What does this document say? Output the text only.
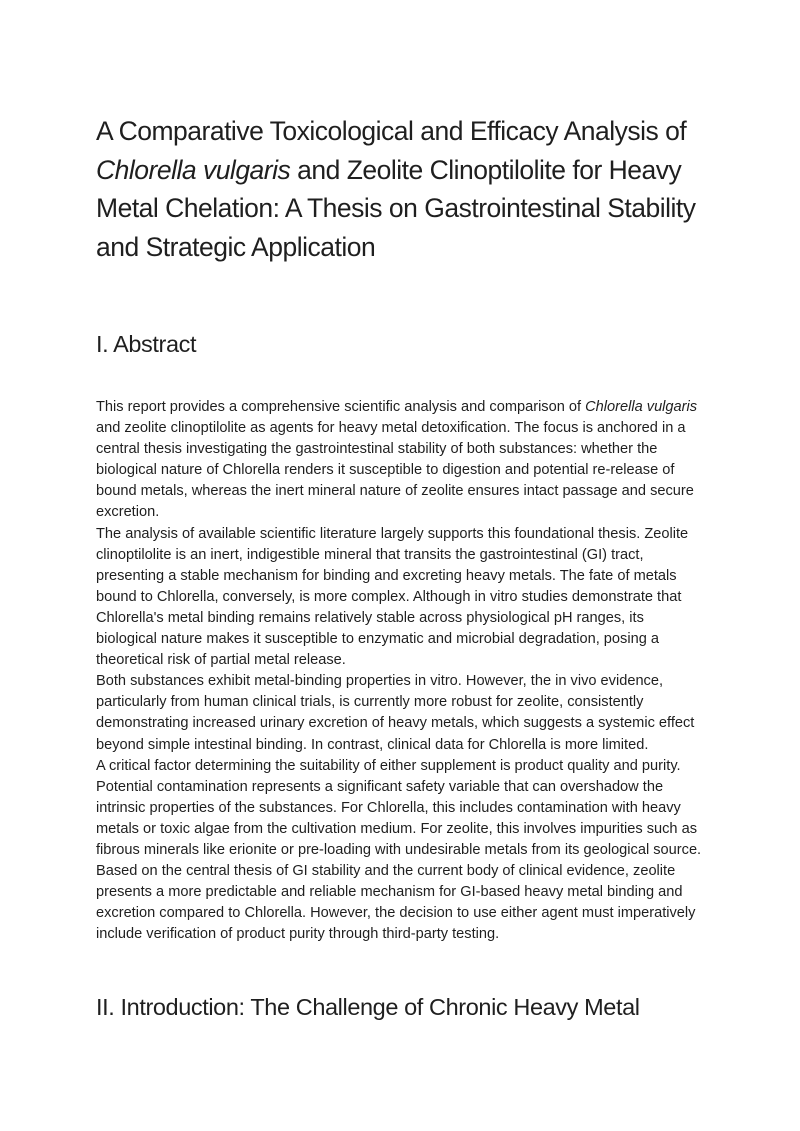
A Comparative Toxicological and Efficacy Analysis of Chlorella vulgaris and Zeolite Clinoptilolite for Heavy Metal Chelation: A Thesis on Gastrointestinal Stability and Strategic Application
I. Abstract

This report provides a comprehensive scientific analysis and comparison of Chlorella vulgaris and zeolite clinoptilolite as agents for heavy metal detoxification. The focus is anchored in a central thesis investigating the gastrointestinal stability of both substances: whether the biological nature of Chlorella renders it susceptible to digestion and potential re-release of bound metals, whereas the inert mineral nature of zeolite ensures intact passage and secure excretion.

The analysis of available scientific literature largely supports this foundational thesis. Zeolite clinoptilolite is an inert, indigestible mineral that transits the gastrointestinal (GI) tract, presenting a stable mechanism for binding and excreting heavy metals. The fate of metals bound to Chlorella, conversely, is more complex. Although in vitro studies demonstrate that Chlorella's metal binding remains relatively stable across physiological pH ranges, its biological nature makes it susceptible to enzymatic and microbial degradation, posing a theoretical risk of partial metal release.

Both substances exhibit metal-binding properties in vitro. However, the in vivo evidence, particularly from human clinical trials, is currently more robust for zeolite, consistently demonstrating increased urinary excretion of heavy metals, which suggests a systemic effect beyond simple intestinal binding. In contrast, clinical data for Chlorella is more limited.

A critical factor determining the suitability of either supplement is product quality and purity. Potential contamination represents a significant safety variable that can overshadow the intrinsic properties of the substances. For Chlorella, this includes contamination with heavy metals or toxic algae from the cultivation medium. For zeolite, this involves impurities such as fibrous minerals like erionite or pre-loading with undesirable metals from its geological source.

Based on the central thesis of GI stability and the current body of clinical evidence, zeolite presents a more predictable and reliable mechanism for GI-based heavy metal binding and excretion compared to Chlorella. However, the decision to use either agent must imperatively include verification of product purity through third-party testing.

II. Introduction: The Challenge of Chronic Heavy Metal
